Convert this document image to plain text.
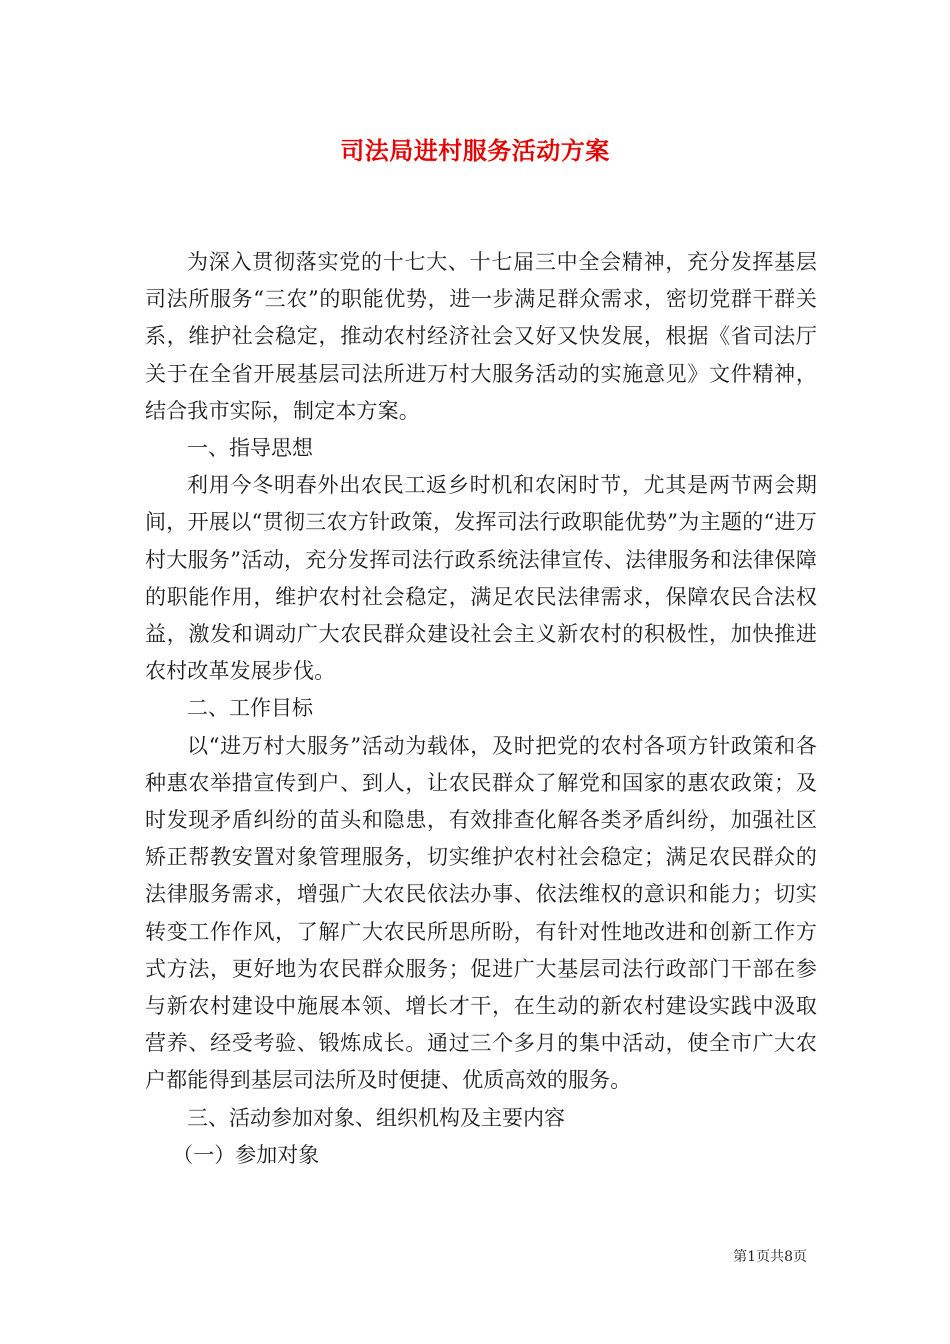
司法局进村服务活动方案

为深入贯彻落实党的十七大、十七届三中全会精神，充分发挥基层司法所服务“三农”的职能优势，进一步满足群众需求，密切党群干群关系，维护社会稳定，推动农村经济社会又好又快发展，根据《省司法厅关于在全省开展基层司法所进万村大服务活动的实施意见》文件精神，结合我市实际，制定本方案。

一、指导思想

利用今冬明春外出农民工返乡时机和农闲时节，尤其是两节两会期间，开展以“贯彻三农方针政策，发挥司法行政职能优势”为主题的“进万村大服务”活动，充分发挥司法行政系统法律宣传、法律服务和法律保障的职能作用，维护农村社会稳定，满足农民法律需求，保障农民合法权益，激发和调动广大农民群众建设社会主义新农村的积极性，加快推进农村改革发展步伐。

二、工作目标

以“进万村大服务”活动为载体，及时把党的农村各项方针政策和各种惠农举措宣传到户、到人，让农民群众了解党和国家的惠农政策；及时发现矛盾纠纷的苗头和隐患，有效排查化解各类矛盾纠纷，加强社区矫正帮教安置对象管理服务，切实维护农村社会稳定；满足农民群众的法律服务需求，增强广大农民依法办事、依法维权的意识和能力；切实转变工作作风，了解广大农民所思所盼，有针对性地改进和创新工作方式方法，更好地为农民群众服务；促进广大基层司法行政部门干部在参与新农村建设中施展本领、增长才干，在生动的新农村建设实践中汲取营养、经受考验、锻炼成长。通过三个多月的集中活动，使全市广大农户都能得到基层司法所及时便捷、优质高效的服务。

三、活动参加对象、组织机构及主要内容

（一）参加对象

第1页共8页
